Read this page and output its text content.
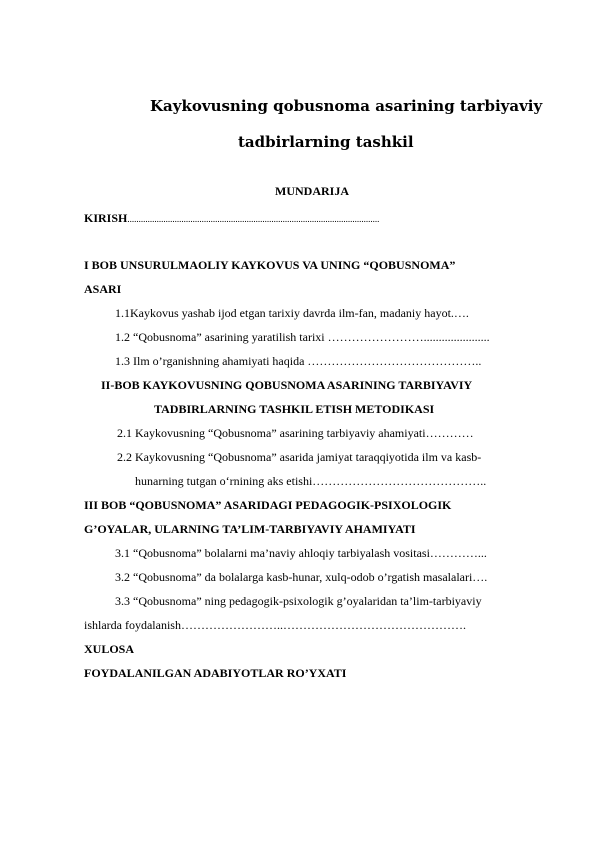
Kaykovusning qobusnoma asarining tarbiyaviy
tadbirlarning tashkil
MUNDARIJA
KIRISH................................................................................................................
I BOB UNSURULMAOLIY KAYKOVUS VA UNING “QOBUSNOMA”
ASARI
1.1Kaykovus yashab ijod etgan tarixiy davrda ilm-fan, madaniy hayot.….
1.2 “Qobusnoma” asarining yaratilish tarixi ……………………......................
1.3 Ilm o’rganishning ahamiyati haqida ……………………………………..
II-BOB KAYKOVUSNING QOBUSNOMA ASARINING TARBIYAVIY
TADBIRLARNING TASHKIL ETISH METODIKASI
2.1 Kaykovusning “Qobusnoma” asarining tarbiyaviy ahamiyati…………
2.2 Kaykovusning “Qobusnoma” asarida jamiyat taraqqiyotida ilm va kasb-
hunarning tutgan o‘rnining aks etishi……………………………………..
III BOB “QOBUSNOMA” ASARIDAGI PEDAGOGIK-PSIXOLOGIK
G’OYALAR, ULARNING TA’LIM-TARBIYAVIY AHAMIYATI
3.1 “Qobusnoma” bolalarni ma’naviy ahloqiy tarbiyalash vositasi…………...
3.2 “Qobusnoma” da bolalarga kasb-hunar, xulq-odob o’rgatish masalalari….
3.3 “Qobusnoma” ning pedagogik-psixologik g’oyalaridan ta’lim-tarbiyaviy
ishlarda foydalanish……………………..……………………………………….
XULOSA
FOYDALANILGAN ADABIYOTLAR RO’YXATI
